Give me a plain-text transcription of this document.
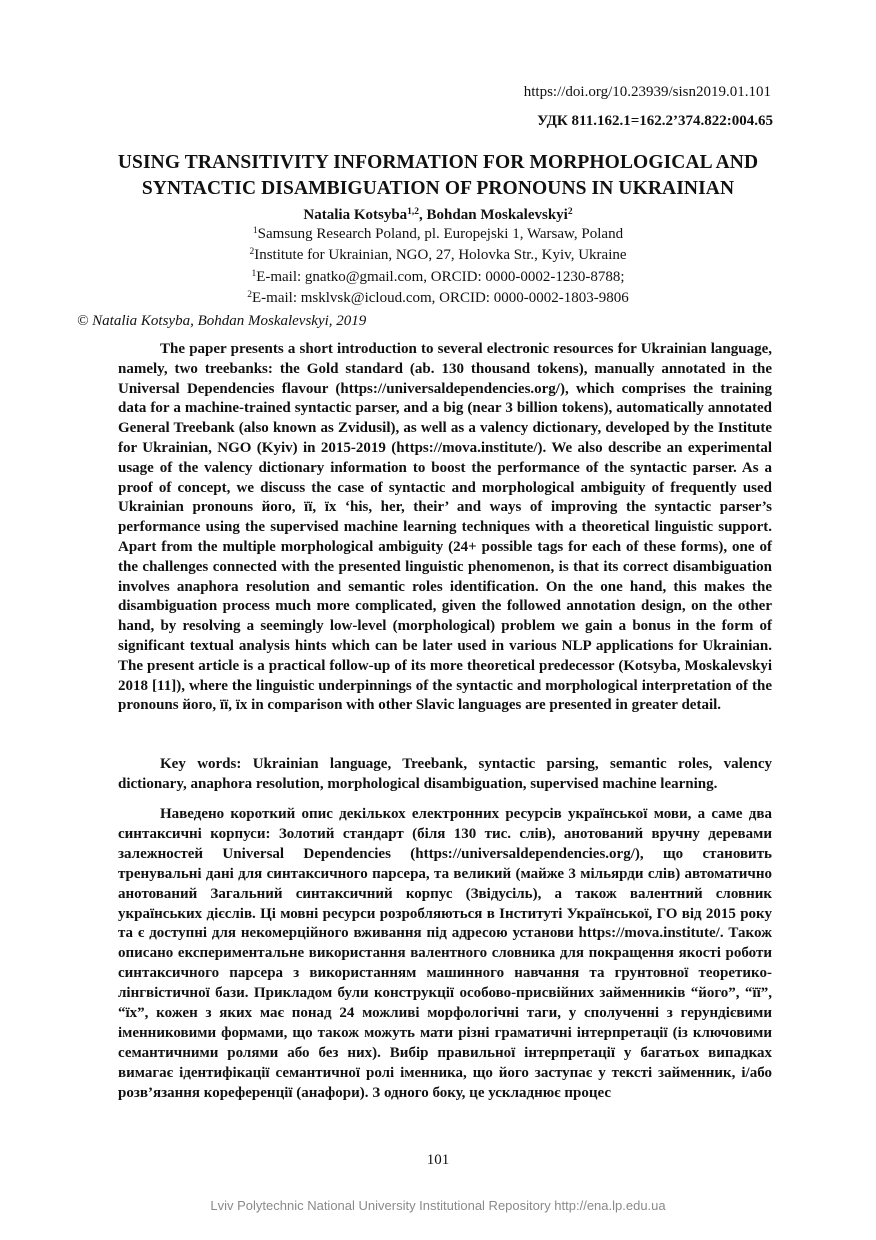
https://doi.org/10.23939/sisn2019.01.101
УДК 811.162.1=162.2’374.822:004.65
USING TRANSITIVITY INFORMATION FOR MORPHOLOGICAL AND
SYNTACTIC DISAMBIGUATION OF PRONOUNS IN UKRAINIAN
Natalia Kotsyba$^{1,2}$, Bohdan Moskalevskyi$^2$
$^1$Samsung Research Poland, pl. Europejski 1, Warsaw, Poland
$^2$Institute for Ukrainian, NGO, 27, Holovka Str., Kyiv, Ukraine
$^1$E-mail: gnatko@gmail.com, ORCID: 0000-0002-1230-8788;
$^2$E-mail: msklvsk@icloud.com, ORCID: 0000-0002-1803-9806
© Natalia Kotsyba, Bohdan Moskalevskyi, 2019

The paper presents a short introduction to several electronic resources for Ukrainian language, namely, two treebanks: the Gold standard (ab. 130 thousand tokens), manually annotated in the Universal Dependencies flavour (https://universaldependencies.org/), which comprises the training data for a machine-trained syntactic parser, and a big (near 3 billion tokens), automatically annotated General Treebank (also known as Zvidusil), as well as a valency dictionary, developed by the Institute for Ukrainian, NGO (Kyiv) in 2015-2019 (https://mova.institute/). We also describe an experimental usage of the valency dictionary information to boost the performance of the syntactic parser. As a proof of concept, we discuss the case of syntactic and morphological ambiguity of frequently used Ukrainian pronouns його, її, їх ‘his, her, their’ and ways of improving the syntactic parser’s performance using the supervised machine learning techniques with a theoretical linguistic support. Apart from the multiple morphological ambiguity (24+ possible tags for each of these forms), one of the challenges connected with the presented linguistic phenomenon, is that its correct disambiguation involves anaphora resolution and semantic roles identification. On the one hand, this makes the disambiguation process much more complicated, given the followed annotation design, on the other hand, by resolving a seemingly low-level (morphological) problem we gain a bonus in the form of significant textual analysis hints which can be later used in various NLP applications for Ukrainian. The present article is a practical follow-up of its more theoretical predecessor (Kotsyba, Moskalevskyi 2018 [11]), where the linguistic underpinnings of the syntactic and morphological interpretation of the pronouns його, її, їх in comparison with other Slavic languages are presented in greater detail.

Key words: Ukrainian language, Treebank, syntactic parsing, semantic roles, valency dictionary, anaphora resolution, morphological disambiguation, supervised machine learning.

Наведено короткий опис декількох електронних ресурсів української мови, а саме два синтаксичні корпуси: Золотий стандарт (біля 130 тис. слів), анотований вручну деревами залежностей Universal Dependencies (https://universaldependencies.org/), що становить тренувальні дані для синтаксичного парсера, та великий (майже 3 мільярди слів) автоматично анотований Загальний синтаксичний корпус (Звідусіль), а також валентний словник українських дієслів. Ці мовні ресурси розробляються в Інституті Української, ГО від 2015 року та є доступні для некомерційного вживання під адресою установи https://mova.institute/. Також описано експериментальне використання валентного словника для покращення якості роботи синтаксичного парсера з використанням машинного навчання та грунтовної теоретико-лінгвістичної бази. Прикладом були конструкції особово-присвійних займенників “його”, “її”, “їх”, кожен з яких має понад 24 можливі морфологічні таги, у сполученні з герундієвими іменниковими формами, що також можуть мати різні граматичні інтерпретації (із ключовими семантичними ролями або без них). Вибір правильної інтерпретації у багатьох випадках вимагає ідентифікації семантичної ролі іменника, що його заступає у тексті займенник, і/або розв’язання кореференції (анафори). З одного боку, це ускладнює процес

101
Lviv Polytechnic National University Institutional Repository http://ena.lp.edu.ua
